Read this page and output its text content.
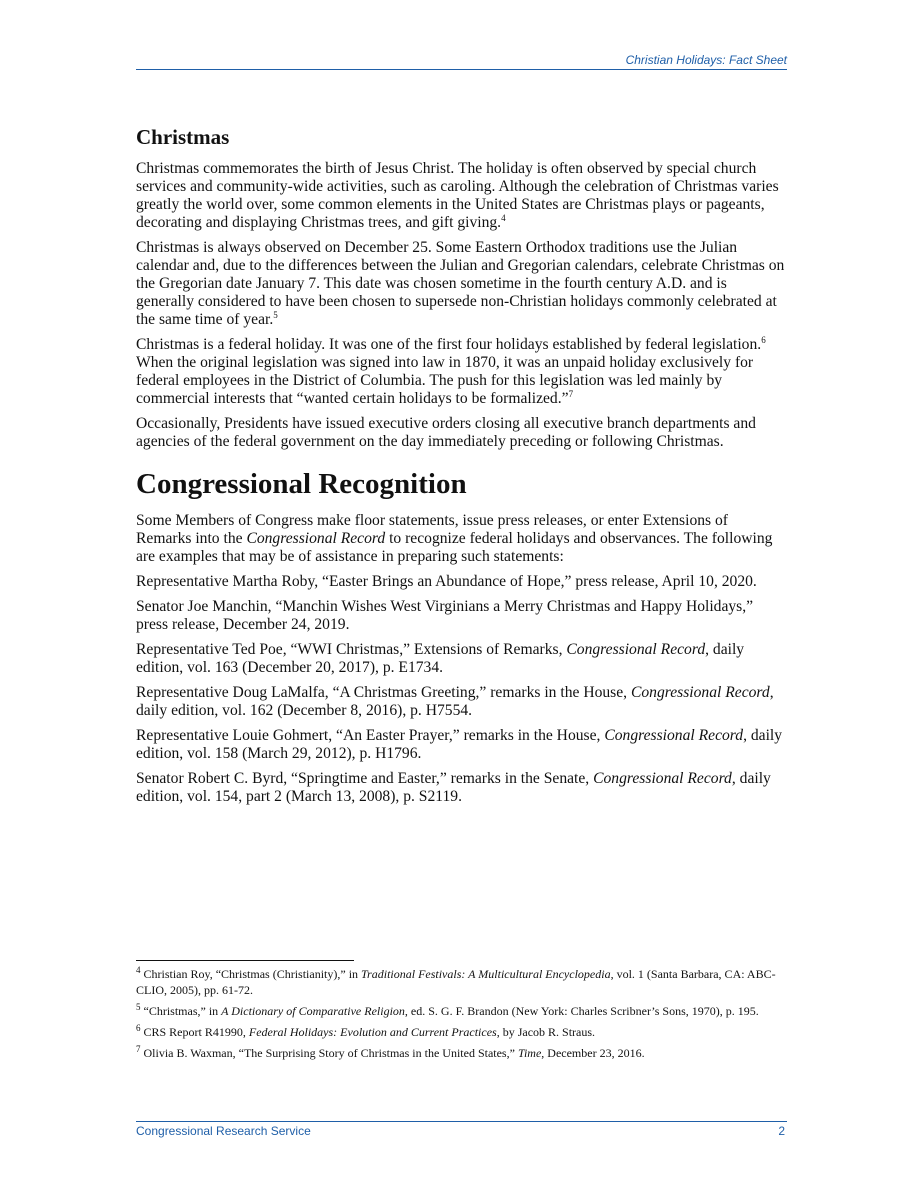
Christian Holidays: Fact Sheet
Christmas

Christmas commemorates the birth of Jesus Christ. The holiday is often observed by special church services and community-wide activities, such as caroling. Although the celebration of Christmas varies greatly the world over, some common elements in the United States are Christmas plays or pageants, decorating and displaying Christmas trees, and gift giving.$^4$

Christmas is always observed on December 25. Some Eastern Orthodox traditions use the Julian calendar and, due to the differences between the Julian and Gregorian calendars, celebrate Christmas on the Gregorian date January 7. This date was chosen sometime in the fourth century A.D. and is generally considered to have been chosen to supersede non-Christian holidays commonly celebrated at the same time of year.$^5$

Christmas is a federal holiday. It was one of the first four holidays established by federal legislation.$^6$ When the original legislation was signed into law in 1870, it was an unpaid holiday exclusively for federal employees in the District of Columbia. The push for this legislation was led mainly by commercial interests that “wanted certain holidays to be formalized.”$^7$

Occasionally, Presidents have issued executive orders closing all executive branch departments and agencies of the federal government on the day immediately preceding or following Christmas.

Congressional Recognition

Some Members of Congress make floor statements, issue press releases, or enter Extensions of Remarks into the Congressional Record to recognize federal holidays and observances. The following are examples that may be of assistance in preparing such statements:

Representative Martha Roby, “Easter Brings an Abundance of Hope,” press release, April 10, 2020.

Senator Joe Manchin, “Manchin Wishes West Virginians a Merry Christmas and Happy Holidays,” press release, December 24, 2019.

Representative Ted Poe, “WWI Christmas,” Extensions of Remarks, Congressional Record, daily edition, vol. 163 (December 20, 2017), p. E1734.

Representative Doug LaMalfa, “A Christmas Greeting,” remarks in the House, Congressional Record, daily edition, vol. 162 (December 8, 2016), p. H7554.

Representative Louie Gohmert, “An Easter Prayer,” remarks in the House, Congressional Record, daily edition, vol. 158 (March 29, 2012), p. H1796.

Senator Robert C. Byrd, “Springtime and Easter,” remarks in the Senate, Congressional Record, daily edition, vol. 154, part 2 (March 13, 2008), p. S2119.

$^4$ Christian Roy, “Christmas (Christianity),” in Traditional Festivals: A Multicultural Encyclopedia, vol. 1 (Santa Barbara, CA: ABC-CLIO, 2005), pp. 61-72.

$^5$ “Christmas,” in A Dictionary of Comparative Religion, ed. S. G. F. Brandon (New York: Charles Scribner’s Sons, 1970), p. 195.

$^6$ CRS Report R41990, Federal Holidays: Evolution and Current Practices, by Jacob R. Straus.

$^7$ Olivia B. Waxman, “The Surprising Story of Christmas in the United States,” Time, December 23, 2016.

Congressional Research Service	2
